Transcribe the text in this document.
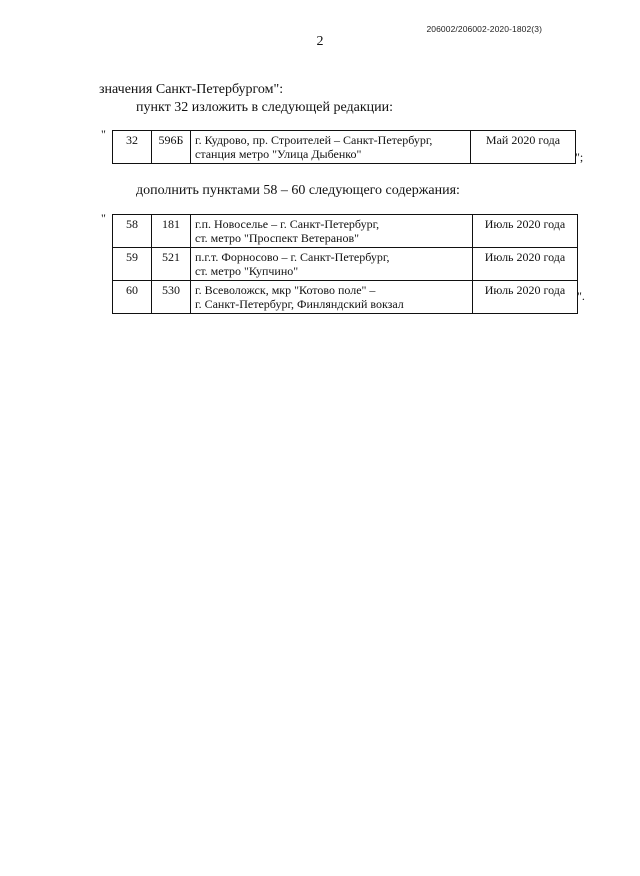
206002/206002-2020-1802(3)
2
значения Санкт-Петербургом":
пункт 32 изложить в следующей редакции:
" 32	596Б	г. Кудрово, пр. Строителей – Санкт-Петербург,
станция метро "Улица Дыбенко"
	Май 2020 года
";
дополнить пунктами 58 – 60 следующего содержания:
" 58	181	г.п. Новоселье – г. Санкт-Петербург,
ст. метро "Проспект Ветеранов"	Июль 2020 года
59	521	п.г.т. Форносово – г. Санкт-Петербург,
ст. метро "Купчино"	Июль 2020 года
60	530	г. Всеволожск, мкр "Котово поле" –
г. Санкт-Петербург, Финляндский вокзал	Июль 2020 года ".
